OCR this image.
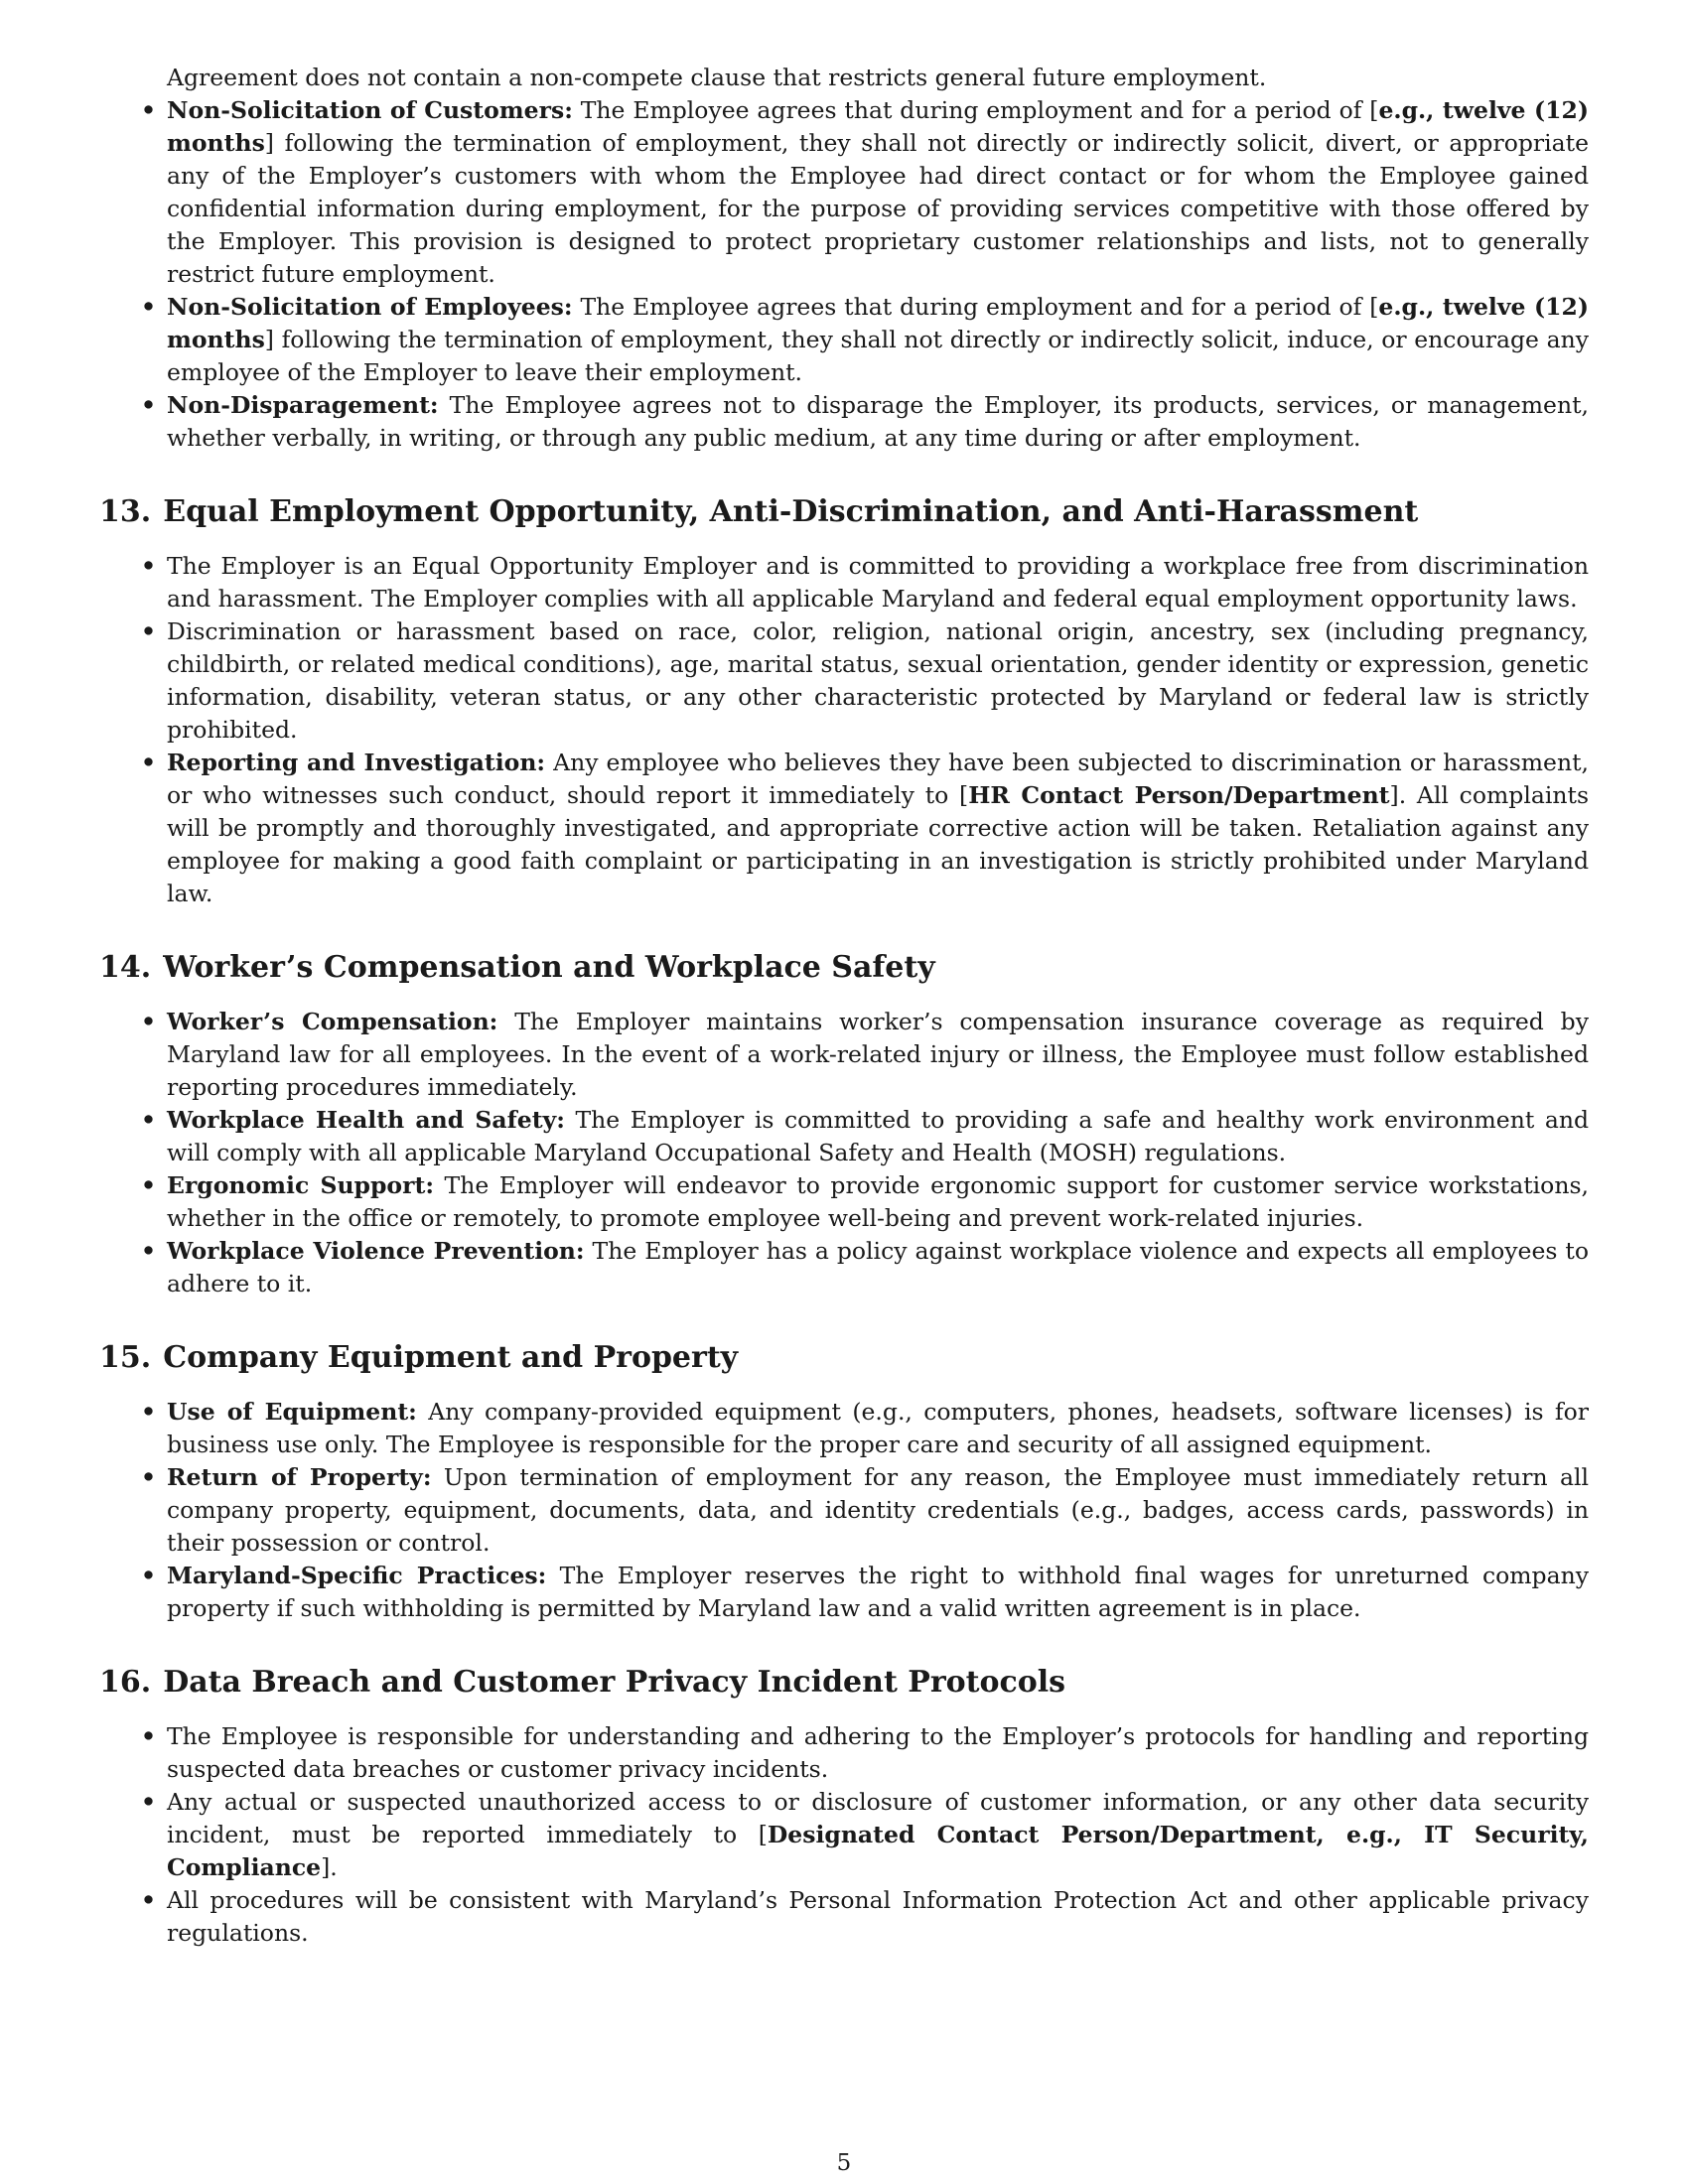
Agreement does not contain a non-compete clause that restricts general future employment.

• Non-Solicitation of Customers: The Employee agrees that during employment and for a period of [e.g., twelve (12) months] following the termination of employment, they shall not directly or indirectly solicit, divert, or appropriate any of the Employer’s customers with whom the Employee had direct contact or for whom the Employee gained confidential information during employment, for the purpose of providing services competitive with those offered by the Employer. This provision is designed to protect proprietary customer relationships and lists, not to generally restrict future employment.
• Non-Solicitation of Employees: The Employee agrees that during employment and for a period of [e.g., twelve (12) months] following the termination of employment, they shall not directly or indirectly solicit, induce, or encourage any employee of the Employer to leave their employment.
• Non-Disparagement: The Employee agrees not to disparage the Employer, its products, services, or management, whether verbally, in writing, or through any public medium, at any time during or after employment.
13. Equal Employment Opportunity, Anti-Discrimination, and Anti-Harassment
• The Employer is an Equal Opportunity Employer and is committed to providing a workplace free from discrimination and harassment. The Employer complies with all applicable Maryland and federal equal employment opportunity laws.
• Discrimination or harassment based on race, color, religion, national origin, ancestry, sex (including pregnancy, childbirth, or related medical conditions), age, marital status, sexual orientation, gender identity or expression, genetic information, disability, veteran status, or any other characteristic protected by Maryland or federal law is strictly prohibited.
• Reporting and Investigation: Any employee who believes they have been subjected to discrimination or harassment, or who witnesses such conduct, should report it immediately to [HR Contact Person/Department]. All complaints will be promptly and thoroughly investigated, and appropriate corrective action will be taken. Retaliation against any employee for making a good faith complaint or participating in an investigation is strictly prohibited under Maryland law.
14. Worker’s Compensation and Workplace Safety
• Worker’s Compensation: The Employer maintains worker’s compensation insurance coverage as required by Maryland law for all employees. In the event of a work-related injury or illness, the Employee must follow established reporting procedures immediately.
• Workplace Health and Safety: The Employer is committed to providing a safe and healthy work environment and will comply with all applicable Maryland Occupational Safety and Health (MOSH) regulations.
• Ergonomic Support: The Employer will endeavor to provide ergonomic support for customer service workstations, whether in the office or remotely, to promote employee well-being and prevent work-related injuries.
• Workplace Violence Prevention: The Employer has a policy against workplace violence and expects all employees to adhere to it.
15. Company Equipment and Property
• Use of Equipment: Any company-provided equipment (e.g., computers, phones, headsets, software licenses) is for business use only. The Employee is responsible for the proper care and security of all assigned equipment.
• Return of Property: Upon termination of employment for any reason, the Employee must immediately return all company property, equipment, documents, data, and identity credentials (e.g., badges, access cards, passwords) in their possession or control.
• Maryland-Specific Practices: The Employer reserves the right to withhold final wages for unreturned company property if such withholding is permitted by Maryland law and a valid written agreement is in place.
16. Data Breach and Customer Privacy Incident Protocols
• The Employee is responsible for understanding and adhering to the Employer’s protocols for handling and reporting suspected data breaches or customer privacy incidents.
• Any actual or suspected unauthorized access to or disclosure of customer information, or any other data security incident, must be reported immediately to [Designated Contact Person/Department, e.g., IT Security, Compliance].
• All procedures will be consistent with Maryland’s Personal Information Protection Act and other applicable privacy regulations.
5
